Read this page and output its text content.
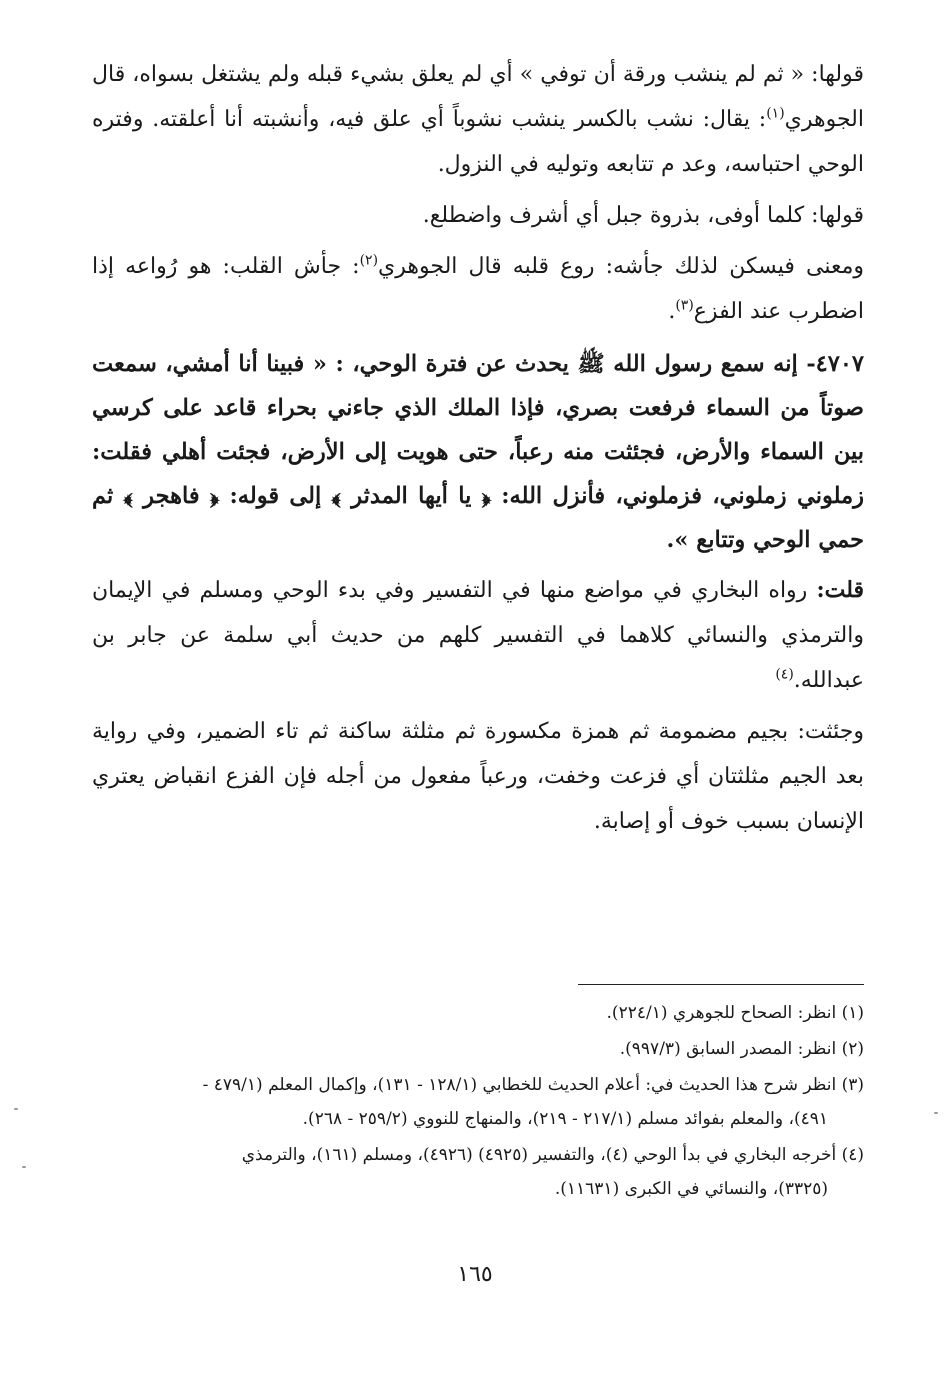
قولها: « ثم لم ينشب ورقة أن توفي » أي لم يعلق بشيء قبله ولم يشتغل بسواه، قال الجوهري$^{(١)}$: يقال: نشب بالكسر ينشب نشوباً أي علق فيه، وأنشبته أنا أعلقته. وفتره الوحي احتباسه، وعد م تتابعه وتوليه في النزول.

قولها: كلما أوفى، بذروة جبل أي أشرف واضطلع.

ومعنى فيسكن لذلك جأشه: روع قلبه قال الجوهري$^{(٢)}$: جأش القلب: هو رُواعه إذا اضطرب عند الفزع$^{(٣)}$.

٤٧٠٧- إنه سمع رسول الله ﷺ يحدث عن فترة الوحي، : « فبينا أنا أمشي، سمعت صوتاً من السماء فرفعت بصري، فإذا الملك الذي جاءني بحراء قاعد على كرسي بين السماء والأرض، فجئثت منه رعباً، حتى هويت إلى الأرض، فجئت أهلي فقلت: زملوني زملوني، فزملوني، فأنزل الله: ﴿ يا أيها المدثر ﴾ إلى قوله: ﴿ فاهجر ﴾ ثم حمي الوحي وتتابع ».

قلت: رواه البخاري في مواضع منها في التفسير وفي بدء الوحي ومسلم في الإيمان والترمذي والنسائي كلاهما في التفسير كلهم من حديث أبي سلمة عن جابر بن عبدالله.$^{(٤)}$

وجئثت: بجيم مضمومة ثم همزة مكسورة ثم مثلثة ساكنة ثم تاء الضمير، وفي رواية بعد الجيم مثلثتان أي فزعت وخفت، ورعباً مفعول من أجله فإن الفزع انقباض يعتري الإنسان بسبب خوف أو إصابة.

(١) انظر: الصحاح للجوهري (٢٢٤/١).

(٢) انظر: المصدر السابق (٩٩٧/٣).

(٣) انظر شرح هذا الحديث في: أعلام الحديث للخطابي (١٢٨/١ - ١٣١)، وإكمال المعلم (٤٧٩/١ -
٤٩١)، والمعلم بفوائد مسلم (٢١٧/١ - ٢١٩)، والمنهاج للنووي (٢٥٩/٢ - ٢٦٨).

(٤) أخرجه البخاري في بدأ الوحي (٤)، والتفسير (٤٩٢٥) (٤٩٢٦)، ومسلم (١٦١)، والترمذي
(٣٣٢٥)، والنسائي في الكبرى (١١٦٣١).

١٦٥
